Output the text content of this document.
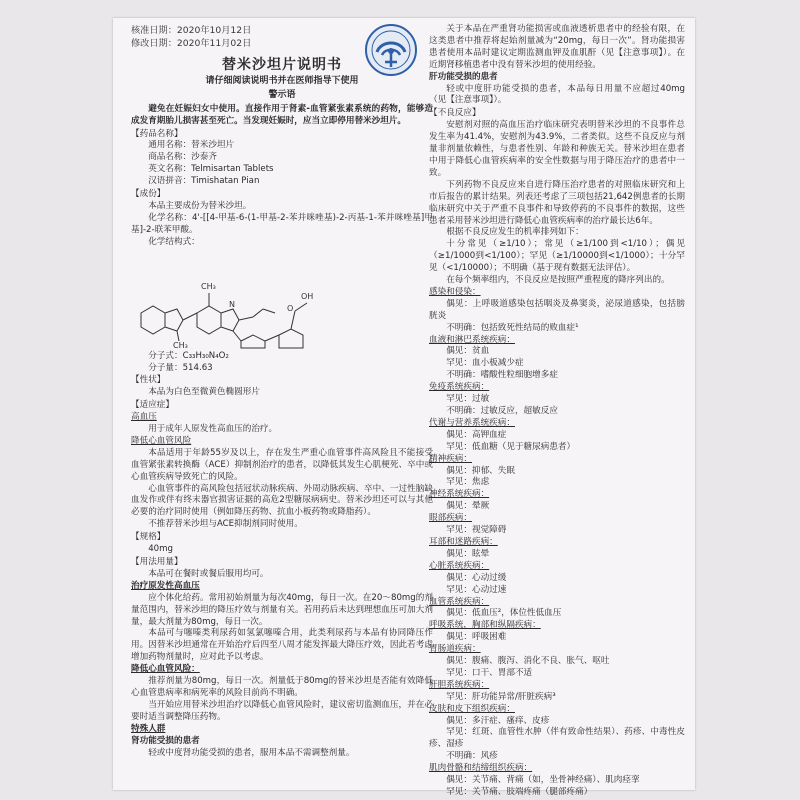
核准日期：2020年10月12日

修改日期：2020年11月02日

替米沙坦片说明书

请仔细阅读说明书并在医师指导下使用

警示语

避免在妊娠妇女中使用。直接作用于肾素-血管紧张素系统的药物，能够造成发育期胎儿损害甚至死亡。当发现妊娠时，应当立即停用替米沙坦片。

【药品名称】

通用名称：替米沙坦片

商品名称：沙泰齐

英文名称：Telmisartan Tablets

汉语拼音：Timishatan Pian

【成份】

本品主要成份为替米沙坦。

化学名称：4'-[[4-甲基-6-(1-甲基-2-苯并咪唑基)-2-丙基-1-苯并咪唑基]甲基]-2-联苯甲酸。

化学结构式：

CH₃
CH₃
OH
O
N

分子式：C₃₃H₃₀N₄O₂

分子量：514.63

【性状】

本品为白色至微黄色椭圆形片

【适应症】

高血压

用于成年人原发性高血压的治疗。

降低心血管风险

本品适用于年龄55岁及以上，存在发生严重心血管事件高风险且不能接受血管紧张素转换酶（ACE）抑制剂治疗的患者，以降低其发生心肌梗死、卒中或心血管疾病导致死亡的风险。

心血管事件的高风险包括冠状动脉疾病、外周动脉疾病、卒中、一过性脑缺血发作或伴有终末器官损害证据的高危2型糖尿病病史。替米沙坦还可以与其他必要的治疗同时使用（例如降压药物、抗血小板药物或降脂药）。

不推荐替米沙坦与ACE抑制剂同时使用。

【规格】

40mg

【用法用量】

本品可在餐时或餐后服用均可。

治疗原发性高血压

应个体化给药。常用初始剂量为每次40mg，每日一次。在20～80mg的剂量范围内，替米沙坦的降压疗效与剂量有关。若用药后未达到理想血压可加大剂量，最大剂量为80mg，每日一次。

本品可与噻嗪类利尿药如氢氯噻嗪合用，此类利尿药与本品有协同降压作用。因替米沙坦通常在开始治疗后四至八周才能发挥最大降压疗效，因此若考虑增加药物剂量时，应对此予以考虑。

降低心血管风险：

推荐剂量为80mg，每日一次。剂量低于80mg的替米沙坦是否能有效降低心血管患病率和病死率的风险目前尚不明确。

当开始应用替米沙坦治疗以降低心血管风险时，建议密切监测血压，并在必要时适当调整降压药物。

特殊人群

肾功能受损的患者

轻或中度肾功能受损的患者，服用本品不需调整剂量。

关于本品在严重肾功能损害或血液透析患者中的经验有限，在这类患者中推荐将起始剂量减为“20mg，每日一次”。肾功能损害患者使用本品时建议定期监测血钾及血肌酐（见【注意事项】）。在近期肾移植患者中没有替米沙坦的使用经验。

肝功能受损的患者

轻或中度肝功能受损的患者，本品每日用量不应超过40mg（见【注意事项】）。

【不良反应】

安慰剂对照的高血压治疗临床研究表明替米沙坦的不良事件总发生率为41.4%，安慰剂为43.9%，二者类似。这些不良反应与剂量非剂量依赖性，与患者性别、年龄和种族无关。替米沙坦在患者中用于降低心血管疾病率的安全性数据与用于降压治疗的患者中一致。

下列药物不良反应来自进行降压治疗患者的对照临床研究和上市后报告的累计结果。列表还考虑了三项包括21,642例患者的长期临床研究中关于严重不良事件和导致停药的不良事件的数据，这些患者采用替米沙坦进行降低心血管疾病率的治疗最长达6年。

根据不良反应发生的机率排列如下：

十分常见（≥1/10）；常见（≥1/100到<1/10）；偶见（≥1/1000到<1/100）；罕见（≥1/10000到<1/1000）；十分罕见（<1/10000）；不明确（基于现有数据无法评估）。

在每个频率组内，不良反应是按照严重程度的降序列出的。

感染和侵染：

偶见：上呼吸道感染包括咽炎及鼻窦炎，泌尿道感染，包括膀胱炎

不明确：包括致死性结局的败血症¹

血液和淋巴系统疾病：

偶见：贫血

罕见：血小板减少症

不明确：嗜酸性粒细胞增多症

免疫系统疾病：

罕见：过敏

不明确：过敏反应，超敏反应

代谢与营养系统疾病：

偶见：高钾血症

罕见：低血糖（见于糖尿病患者）

精神疾病：

偶见：抑郁、失眠

罕见：焦虑

神经系统疾病：

偶见：晕厥

眼部疾病：

罕见：视觉障碍

耳部和迷路疾病：

偶见：眩晕

心脏系统疾病：

偶见：心动过缓

罕见：心动过速

血管系统疾病：

偶见：低血压²，体位性低血压

呼吸系统，胸部和纵隔疾病：

偶见：呼吸困难

胃肠道疾病：

偶见：腹痛、腹泻、消化不良、胀气、呕吐

罕见：口干、胃部不适

肝胆系统疾病：

罕见：肝功能异常/肝脏疾病³

皮肤和皮下组织疾病：

偶见：多汗症、瘙痒、皮疹

罕见：红斑、血管性水肿（伴有致命性结果）、药疹、中毒性皮疹、湿疹

不明确：风疹

肌肉骨骼和结缔组织疾病：

偶见：关节痛、背痛（如，坐骨神经痛）、肌肉痉挛

罕见：关节痛、肢端疼痛（腿部疼痛）
